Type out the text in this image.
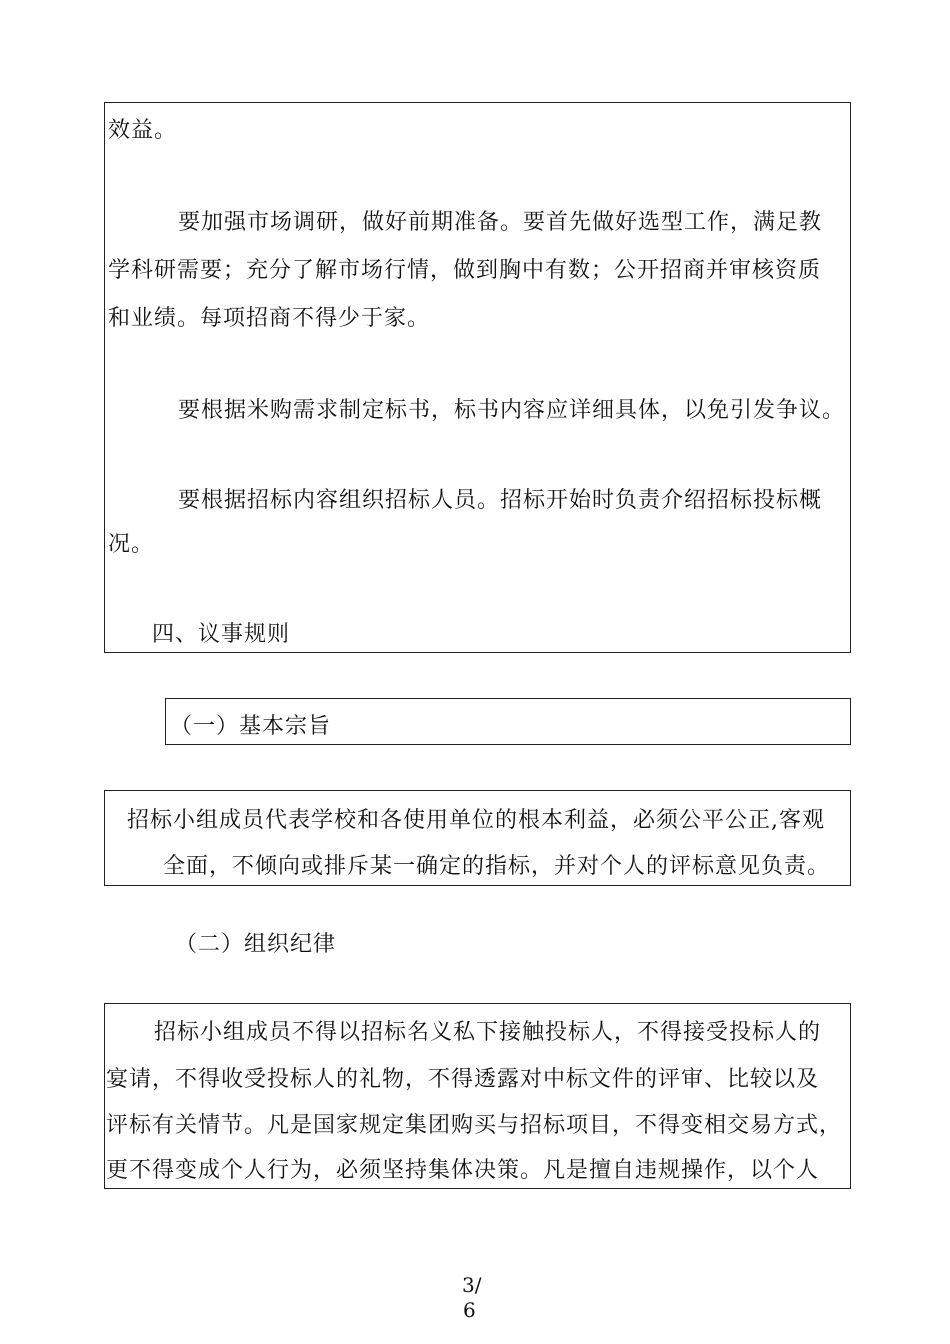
效益。
要加强市场调研，做好前期准备。要首先做好选型工作，满足教
学科研需要；充分了解市场行情，做到胸中有数；公开招商并审核资质
和业绩。每项招商不得少于家。
要根据米购需求制定标书，标书内容应详细具体，以免引发争议。
要根据招标内容组织招标人员。招标开始时负责介绍招标投标概
况。
四、议事规则
（一）基本宗旨
招标小组成员代表学校和各使用单位的根本利益，必须公平公正,客观
全面，不倾向或排斥某一确定的指标，并对个人的评标意见负责。
（二）组织纪律
招标小组成员不得以招标名义私下接触投标人，不得接受投标人的
宴请，不得收受投标人的礼物，不得透露对中标文件的评审、比较以及
评标有关情节。凡是国家规定集团购买与招标项目，不得变相交易方式，
更不得变成个人行为，必须坚持集体决策。凡是擅自违规操作，以个人
3/
6
